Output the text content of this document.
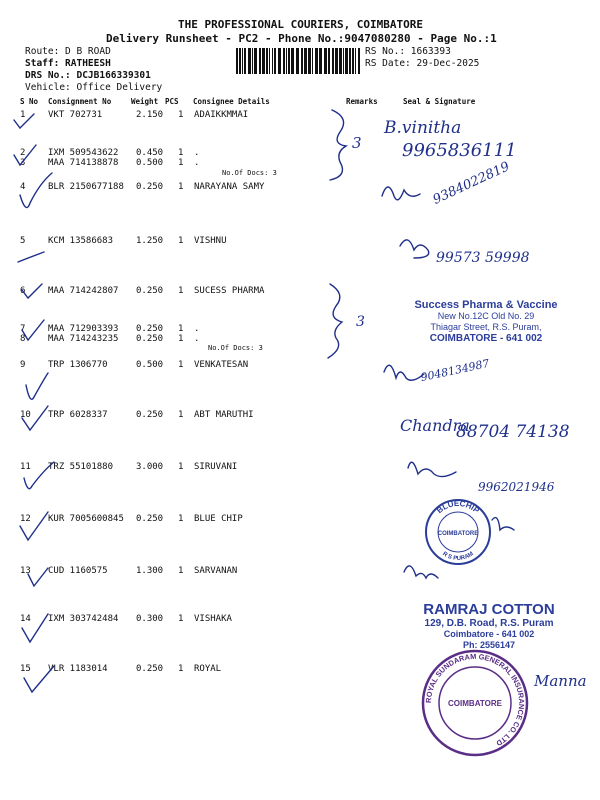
THE PROFESSIONAL COURIERS, COIMBATORE
Delivery Runsheet - PC2 - Phone No.:9047080280 - Page No.:1
Route: D B ROAD
Staff: RATHEESH
DRS No.: DCJB166339301
Vehicle: Office Delivery
RS No.: 1663393
RS Date: 29-Dec-2025
S No Consignment No	Weight PCS Consignee Details	Remarks	Seal & Signature
1	VKT 702731	2.150 1 ADAIKKMMAI
2	IXM 509543622 0.450 1 .
3	MAA 714138878 0.500 1 .
4	BLR 2150677188 0.250 1 NARAYANA SAMY
5	KCM 13586683	1.250 1 VISHNU
6	MAA 714242807 0.250 1 SUCESS PHARMA
7	MAA 712903393 0.250 1 .
8	MAA 714243235 0.250 1 .
9	TRP 1306770	0.500 1 VENKATESAN
10 TRP 6028337	0.250 1 ABT MARUTHI
11 TRZ 55101880	3.000 1 SIRUVANI
12 KUR 7005600845 0.250 1 BLUE CHIP
13 CUD 1160575	1.300 1 SARVANAN
14 IXM 303742484 0.300 1 VISHAKA
15 VLR 1183014	0.250 1 ROYAL
No.Of Docs: 3
No.Of Docs: 3
3
3
B.vinitha
9965836111
9384022819
99573 59998
9048134987
Chandra
88704 74138
9962021946
Manna
Success Pharma & Vaccine
New No.12C Old No. 29
Thiagar Street, R.S. Puram,
COIMBATORE - 641 002
BLUECHIP
COIMBATORE
R S PURAM
RAMRAJ COTTON
129, D.B. Road, R.S. Puram
Coimbatore - 641 002
Ph: 2556147
ROYAL SUNDARAM GENERAL INSURANCE CO. LTD
COIMBATORE
